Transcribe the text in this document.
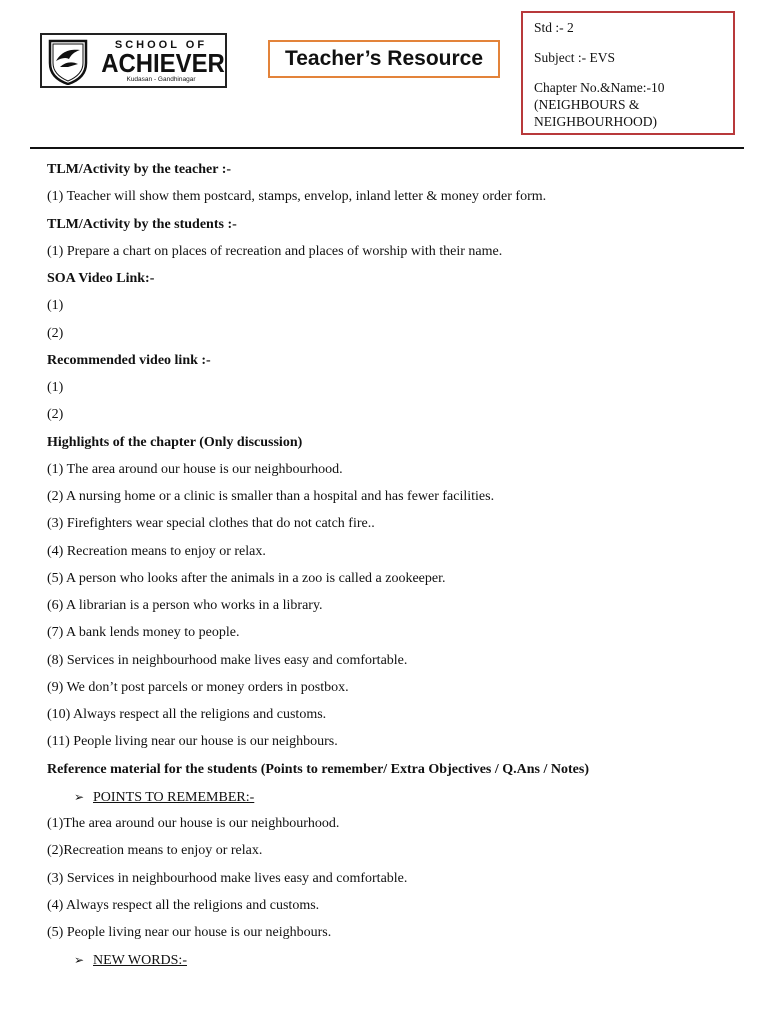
SCHOOL OF
ACHIEVER
Kudasan - Gandhinagar
Teacher’s Resource
Std :- 2
Subject :- EVS
Chapter No.&Name:-10
(NEIGHBOURS &
NEIGHBOURHOOD)
TLM/Activity by the teacher :-
(1) Teacher will show them postcard, stamps, envelop, inland letter & money order form.
TLM/Activity by the students :-
(1) Prepare a chart on places of recreation and places of worship with their name.
SOA Video Link:-
(1)
(2)
Recommended video link :-
(1)
(2)
Highlights of the chapter (Only discussion)
(1) The area around our house is our neighbourhood.
(2) A nursing home or a clinic is smaller than a hospital and has fewer facilities.
(3) Firefighters wear special clothes that do not catch fire..
(4) Recreation means to enjoy or relax.
(5) A person who looks after the animals in a zoo is called a zookeeper.
(6) A librarian is a person who works in a library.
(7) A bank lends money to people.
(8) Services in neighbourhood make lives easy and comfortable.
(9) We don’t post parcels or money orders in postbox.
(10) Always respect all the religions and customs.
(11) People living near our house is our neighbours.
Reference material for the students (Points to remember/ Extra Objectives / Q.Ans / Notes)
➢ POINTS TO REMEMBER:-
(1)The area around our house is our neighbourhood.
(2)Recreation means to enjoy or relax.
(3) Services in neighbourhood make lives easy and comfortable.
(4) Always respect all the religions and customs.
(5) People living near our house is our neighbours.
➢ NEW WORDS:-
